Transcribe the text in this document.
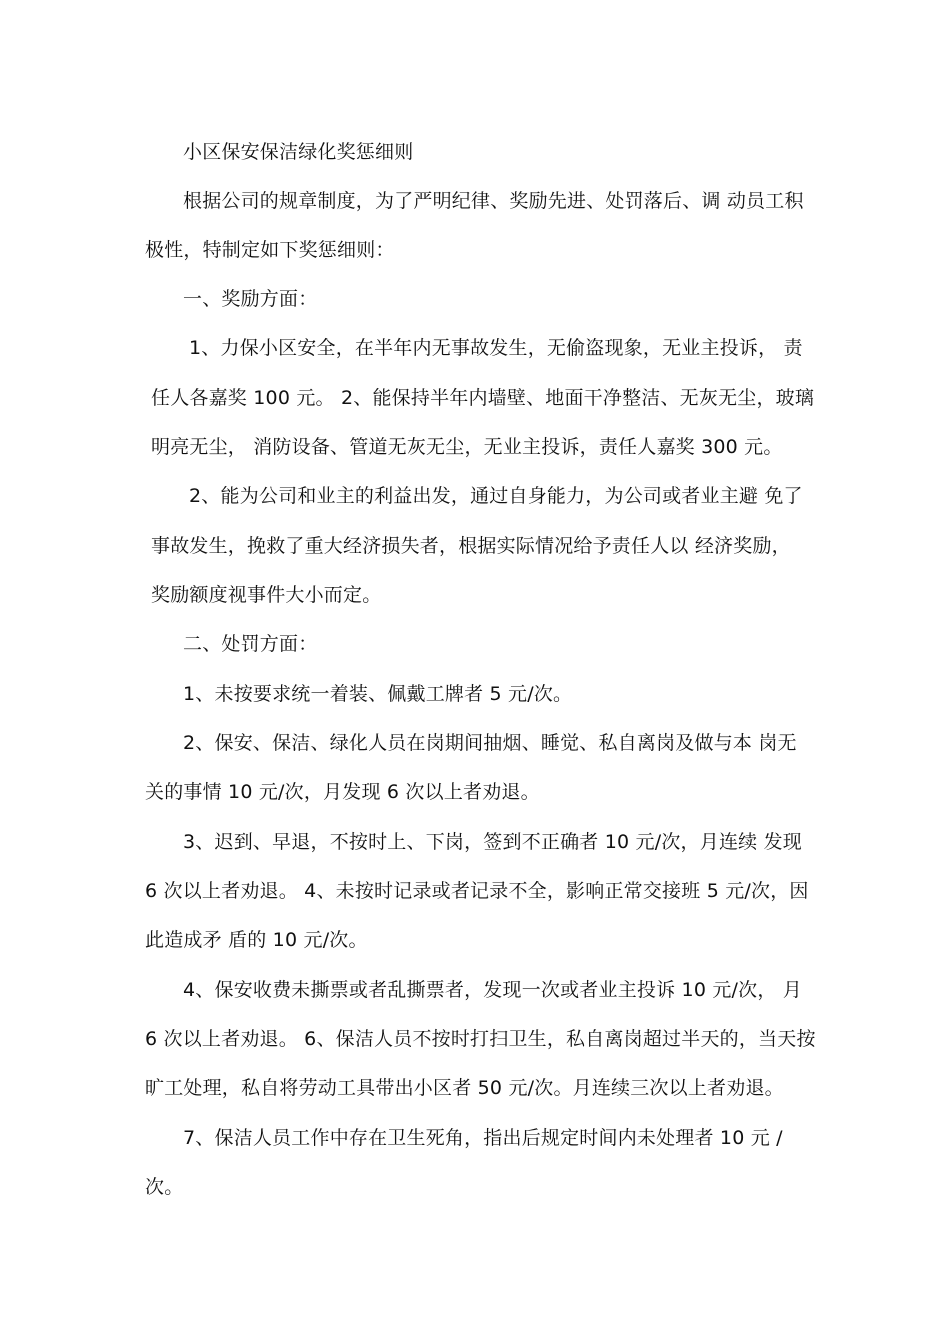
小区保安保洁绿化奖惩细则

根据公司的规章制度，为了严明纪律、奖励先进、处罚落后、调 动员工积

极性，特制定如下奖惩细则：

一、奖励方面：

1、力保小区安全，在半年内无事故发生，无偷盗现象，无业主投诉， 责

任人各嘉奖 100 元。 2、能保持半年内墙壁、地面干净整洁、无灰无尘，玻璃

明亮无尘， 消防设备、管道无灰无尘，无业主投诉，责任人嘉奖 300 元。

2、能为公司和业主的利益出发，通过自身能力，为公司或者业主避 免了

事故发生，挽救了重大经济损失者，根据实际情况给予责任人以 经济奖励，

奖励额度视事件大小而定。

二、处罚方面：

1、未按要求统一着装、佩戴工牌者 5 元/次。

2、保安、保洁、绿化人员在岗期间抽烟、睡觉、私自离岗及做与本 岗无

关的事情 10 元/次，月发现 6 次以上者劝退。

3、迟到、早退，不按时上、下岗，签到不正确者 10 元/次，月连续 发现

6 次以上者劝退。 4、未按时记录或者记录不全，影响正常交接班 5 元/次，因

此造成矛 盾的 10 元/次。

4、保安收费未撕票或者乱撕票者，发现一次或者业主投诉 10 元/次， 月

6 次以上者劝退。 6、保洁人员不按时打扫卫生，私自离岗超过半天的，当天按

旷工处理，私自将劳动工具带出小区者 50 元/次。月连续三次以上者劝退。

7、保洁人员工作中存在卫生死角，指出后规定时间内未处理者 10 元 /

次。
